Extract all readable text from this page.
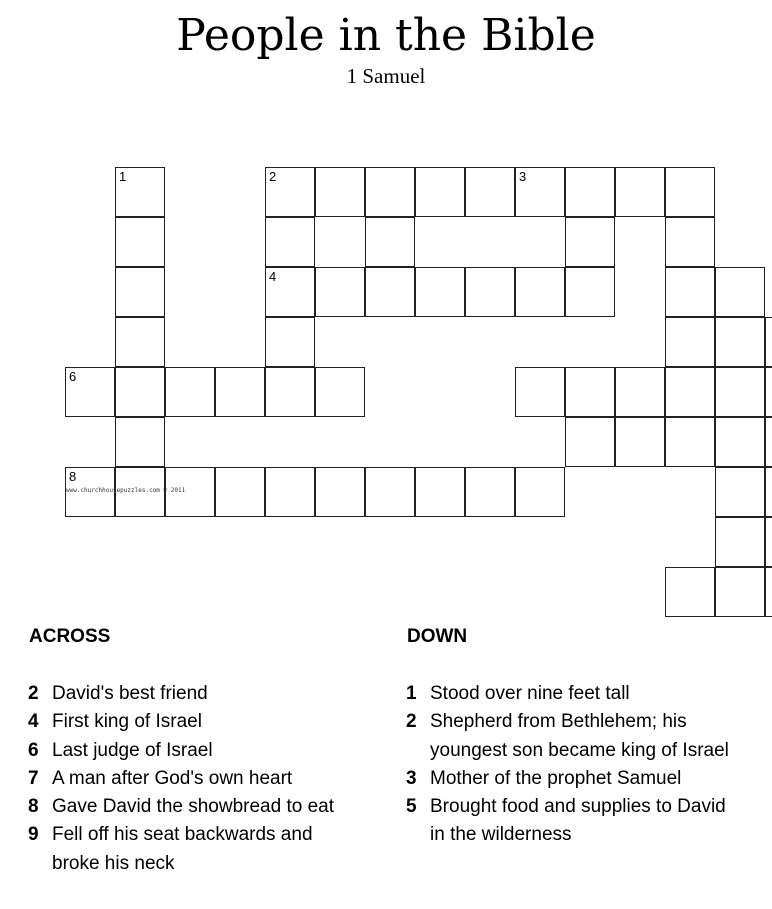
People in the Bible
1 Samuel
1	2
4
3
6
8
www.churchhousepuzzles.com © 2011
ACROSS	DOWN
2 David's best friend
4 First king of Israel
6 Last judge of Israel
7 A man after God's own heart
8 Gave David the showbread to eat
9 Fell off his seat backwards and broke his neck
1 Stood over nine feet tall
2 Shepherd from Bethlehem; his youngest son became king of Israel
3 Mother of the prophet Samuel
5 Brought food and supplies to David in the wilderness
